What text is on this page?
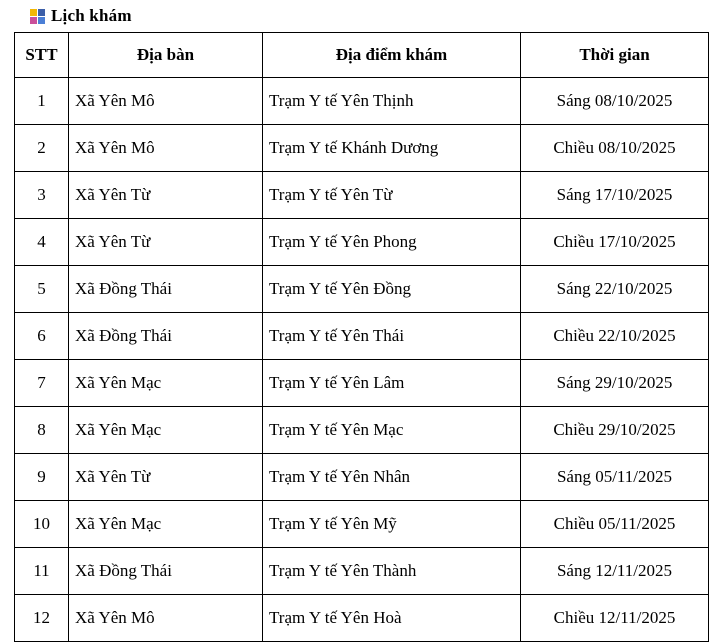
Lịch khám
STT	Địa bàn	Địa điểm khám	Thời gian
1	Xã Yên Mô	Trạm Y tế Yên Thịnh	Sáng 08/10/2025
2	Xã Yên Mô	Trạm Y tế Khánh Dương	Chiều 08/10/2025
3	Xã Yên Từ	Trạm Y tế Yên Từ	Sáng 17/10/2025
4	Xã Yên Từ	Trạm Y tế Yên Phong	Chiều 17/10/2025
5	Xã Đồng Thái	Trạm Y tế Yên Đồng	Sáng 22/10/2025
6	Xã Đồng Thái	Trạm Y tế Yên Thái	Chiều 22/10/2025
7	Xã Yên Mạc	Trạm Y tế Yên Lâm	Sáng 29/10/2025
8	Xã Yên Mạc	Trạm Y tế Yên Mạc	Chiều 29/10/2025
9	Xã Yên Từ	Trạm Y tế Yên Nhân	Sáng 05/11/2025
10	Xã Yên Mạc	Trạm Y tế Yên Mỹ	Chiều 05/11/2025
11	Xã Đồng Thái	Trạm Y tế Yên Thành	Sáng 12/11/2025
12	Xã Yên Mô	Trạm Y tế Yên Hoà	Chiều 12/11/2025
